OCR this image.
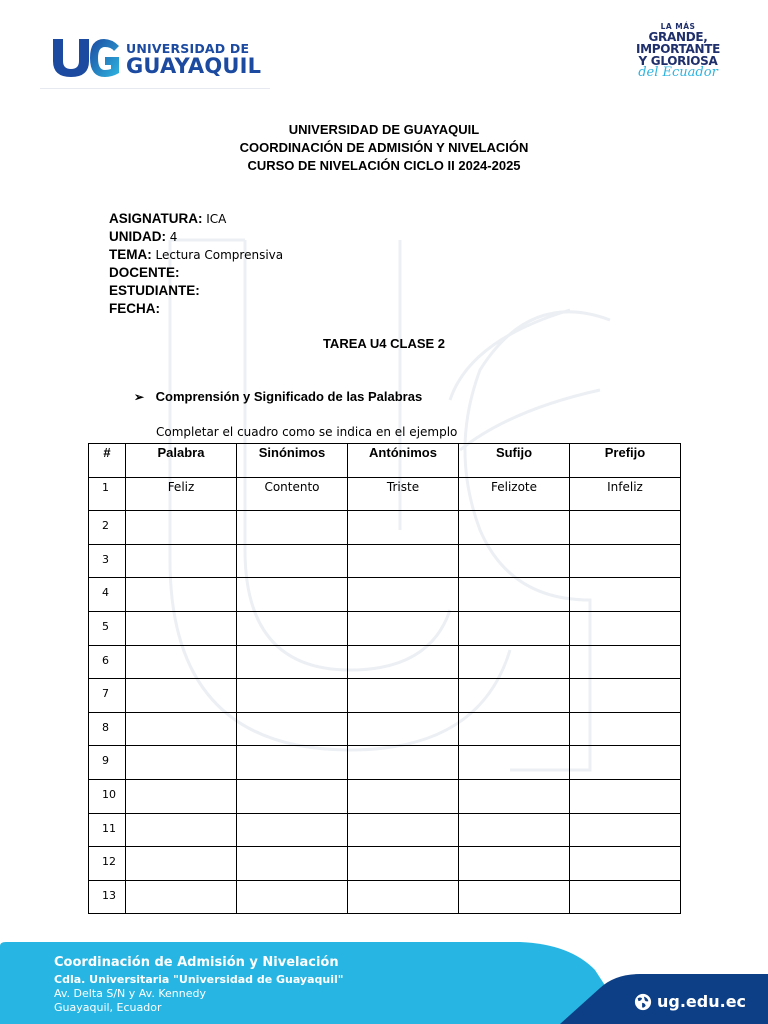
UNIVERSIDAD DE
GUAYAQUIL
LA MÁS
GRANDE,
IMPORTANTE
Y GLORIOSA
del Ecuador
UNIVERSIDAD DE GUAYAQUIL
COORDINACIÓN DE ADMISIÓN Y NIVELACIÓN
CURSO DE NIVELACIÓN CICLO II 2024-2025
ASIGNATURA: ICA
UNIDAD: 4
TEMA: Lectura Comprensiva
DOCENTE:
ESTUDIANTE:
FECHA:
TAREA U4 CLASE 2
➢ Comprensión y Significado de las Palabras
Completar el cuadro como se indica en el ejemplo
#	Palabra	Sinónimos	Antónimos	Sufijo	Prefijo
1	Feliz	Contento	Triste	Felizote	Infeliz
2					
3					
4					
5					
6					
7					
8					
9					
10					
11					
12					
13					
Coordinación de Admisión y Nivelación
Cdla. Universitaria "Universidad de Guayaquil"
Av. Delta S/N y Av. Kennedy
Guayaquil, Ecuador	ug.edu.ec
